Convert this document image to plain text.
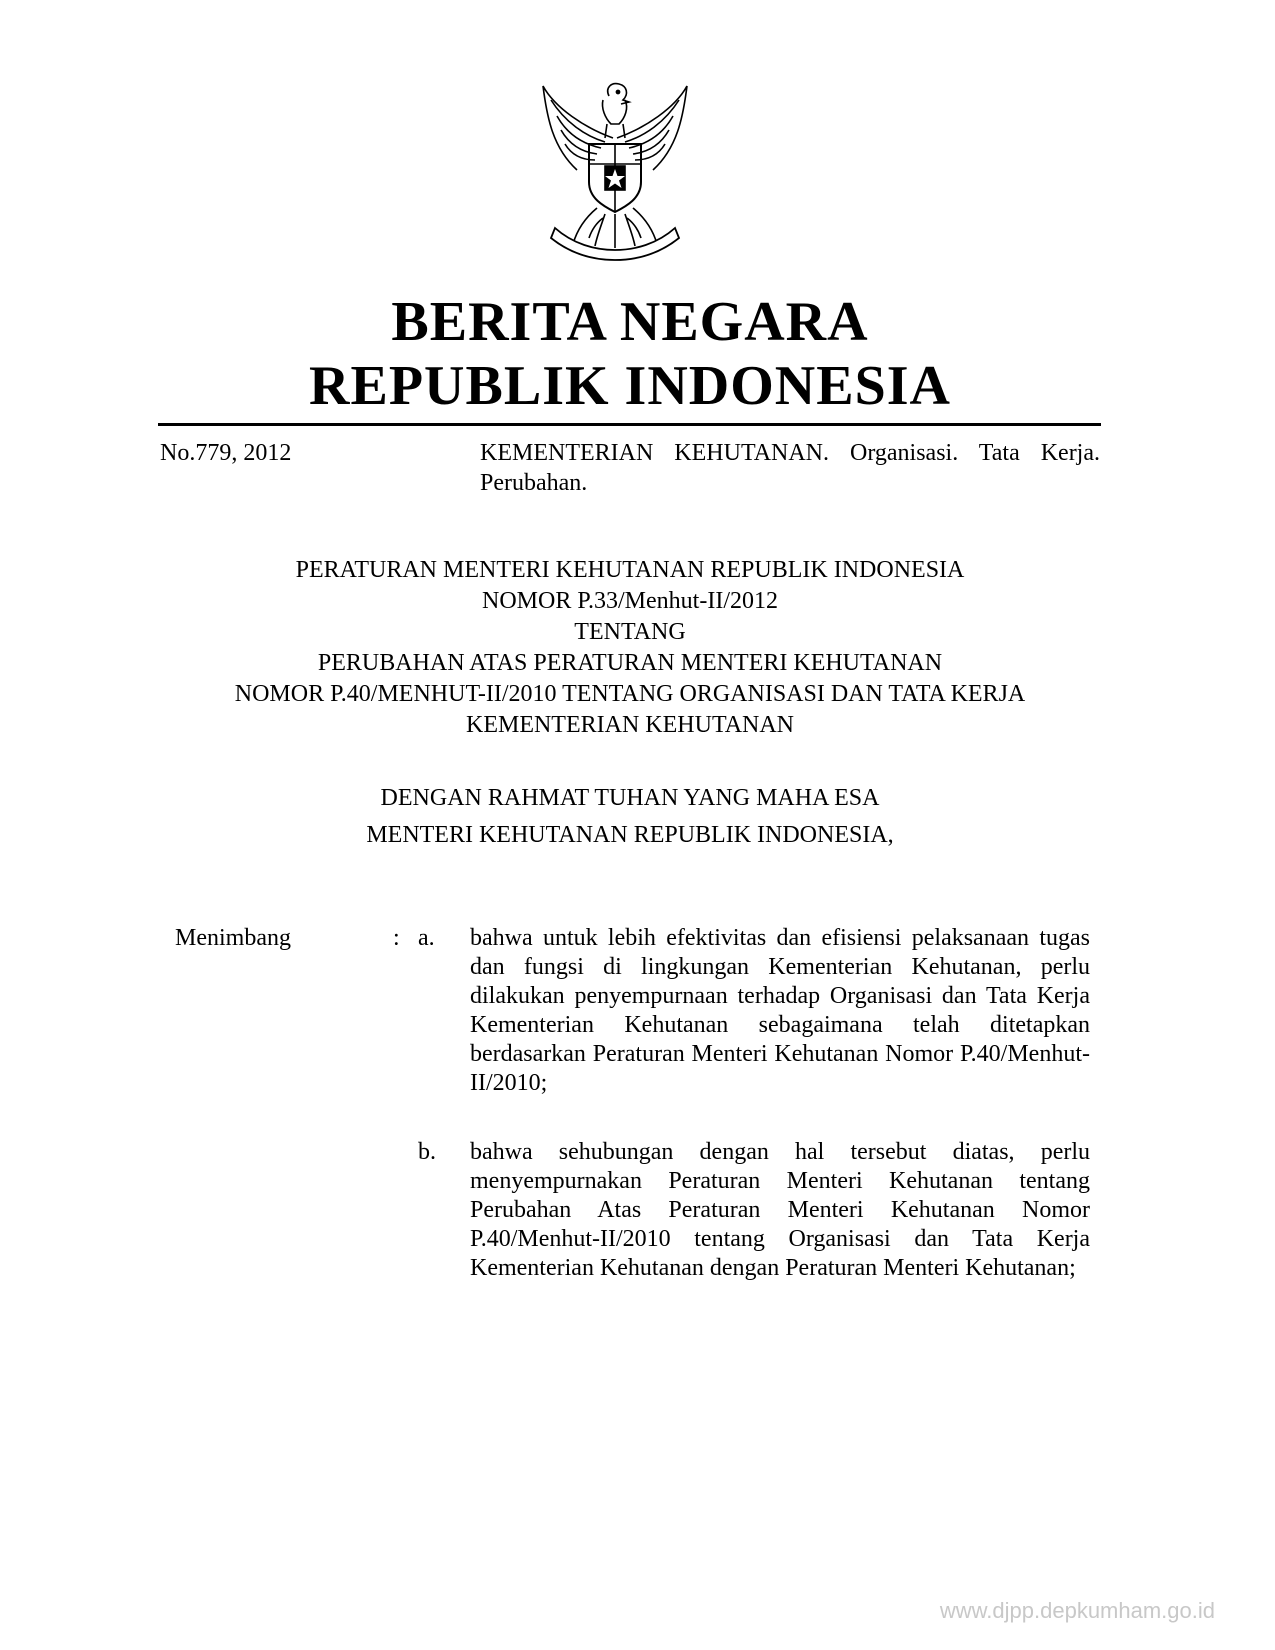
BERITA NEGARA
REPUBLIK INDONESIA
No.779, 2012	KEMENTERIAN KEHUTANAN. Organisasi. Tata Kerja. Perubahan.
PERATURAN MENTERI KEHUTANAN REPUBLIK INDONESIA
NOMOR P.33/Menhut-II/2012
TENTANG
PERUBAHAN ATAS PERATURAN MENTERI KEHUTANAN
NOMOR P.40/MENHUT-II/2010 TENTANG ORGANISASI DAN TATA KERJA
KEMENTERIAN KEHUTANAN
DENGAN RAHMAT TUHAN YANG MAHA ESA
MENTERI KEHUTANAN REPUBLIK INDONESIA,
Menimbang	: a. bahwa untuk lebih efektivitas dan efisiensi pelaksanaan tugas dan fungsi di lingkungan Kementerian Kehutanan, perlu dilakukan penyempurnaan terhadap Organisasi dan Tata Kerja Kementerian Kehutanan sebagaimana telah ditetapkan berdasarkan Peraturan Menteri Kehutanan Nomor P.40/Menhut-II/2010;
b. bahwa sehubungan dengan hal tersebut diatas, perlu menyempurnakan Peraturan Menteri Kehutanan tentang Perubahan Atas Peraturan Menteri Kehutanan Nomor P.40/Menhut-II/2010 tentang Organisasi dan Tata Kerja Kementerian Kehutanan dengan Peraturan Menteri Kehutanan;
www.djpp.depkumham.go.id
